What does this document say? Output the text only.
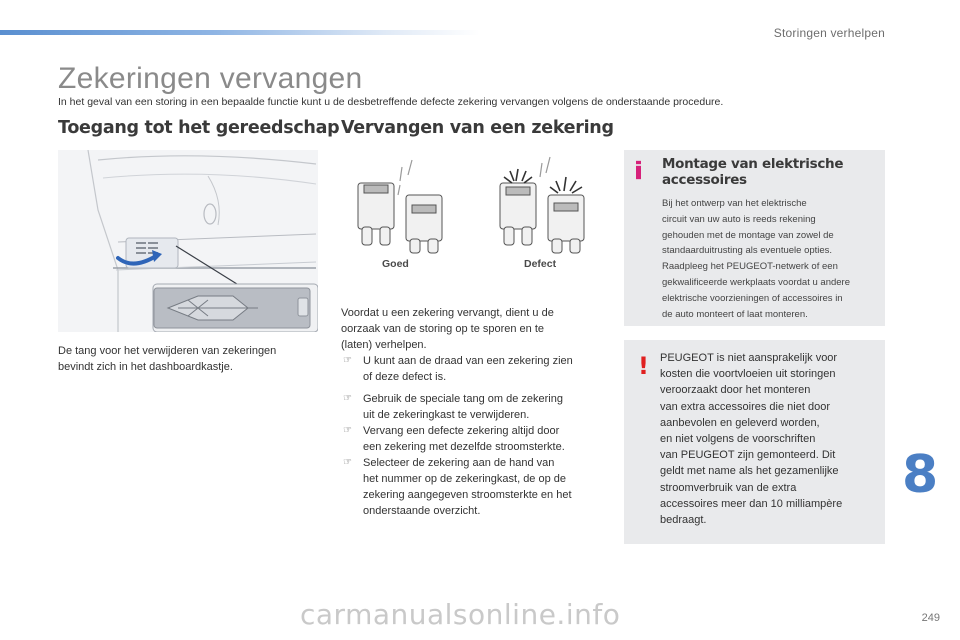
Storingen verhelpen
Zekeringen vervangen
In het geval van een storing in een bepaalde functie kunt u de desbetreffende defecte zekering vervangen volgens de onderstaande procedure.
Toegang tot het gereedschap
De tang voor het verwijderen van zekeringen
bevindt zich in het dashboardkastje.
Vervangen van een zekering
Goed	Defect
Voordat u een zekering vervangt, dient u de
oorzaak van de storing op te sporen en te
(laten) verhelpen.
☞ U kunt aan de draad van een zekering zien
of deze defect is.
☞ Gebruik de speciale tang om de zekering
uit de zekeringkast te verwijderen.
☞ Vervang een defecte zekering altijd door
een zekering met dezelfde stroomsterkte.
☞ Selecteer de zekering aan de hand van
het nummer op de zekeringkast, de op de
zekering aangegeven stroomsterkte en het
onderstaande overzicht.
Montage van elektrische
accessoires
Bij het ontwerp van het elektrische
circuit van uw auto is reeds rekening
gehouden met de montage van zowel de
standaarduitrusting als eventuele opties.
Raadpleeg het PEUGEOT-netwerk of een
gekwalificeerde werkplaats voordat u andere
elektrische voorzieningen of accessoires in
de auto monteert of laat monteren.
! PEUGEOT is niet aansprakelijk voor
kosten die voortvloeien uit storingen
veroorzaakt door het monteren
van extra accessoires die niet door
aanbevolen en geleverd worden,
en niet volgens de voorschriften
van PEUGEOT zijn gemonteerd. Dit
geldt met name als het gezamenlijke
stroomverbruik van de extra
accessoires meer dan 10 milliampère
bedraagt.
8
carmanualsonline.info	249
